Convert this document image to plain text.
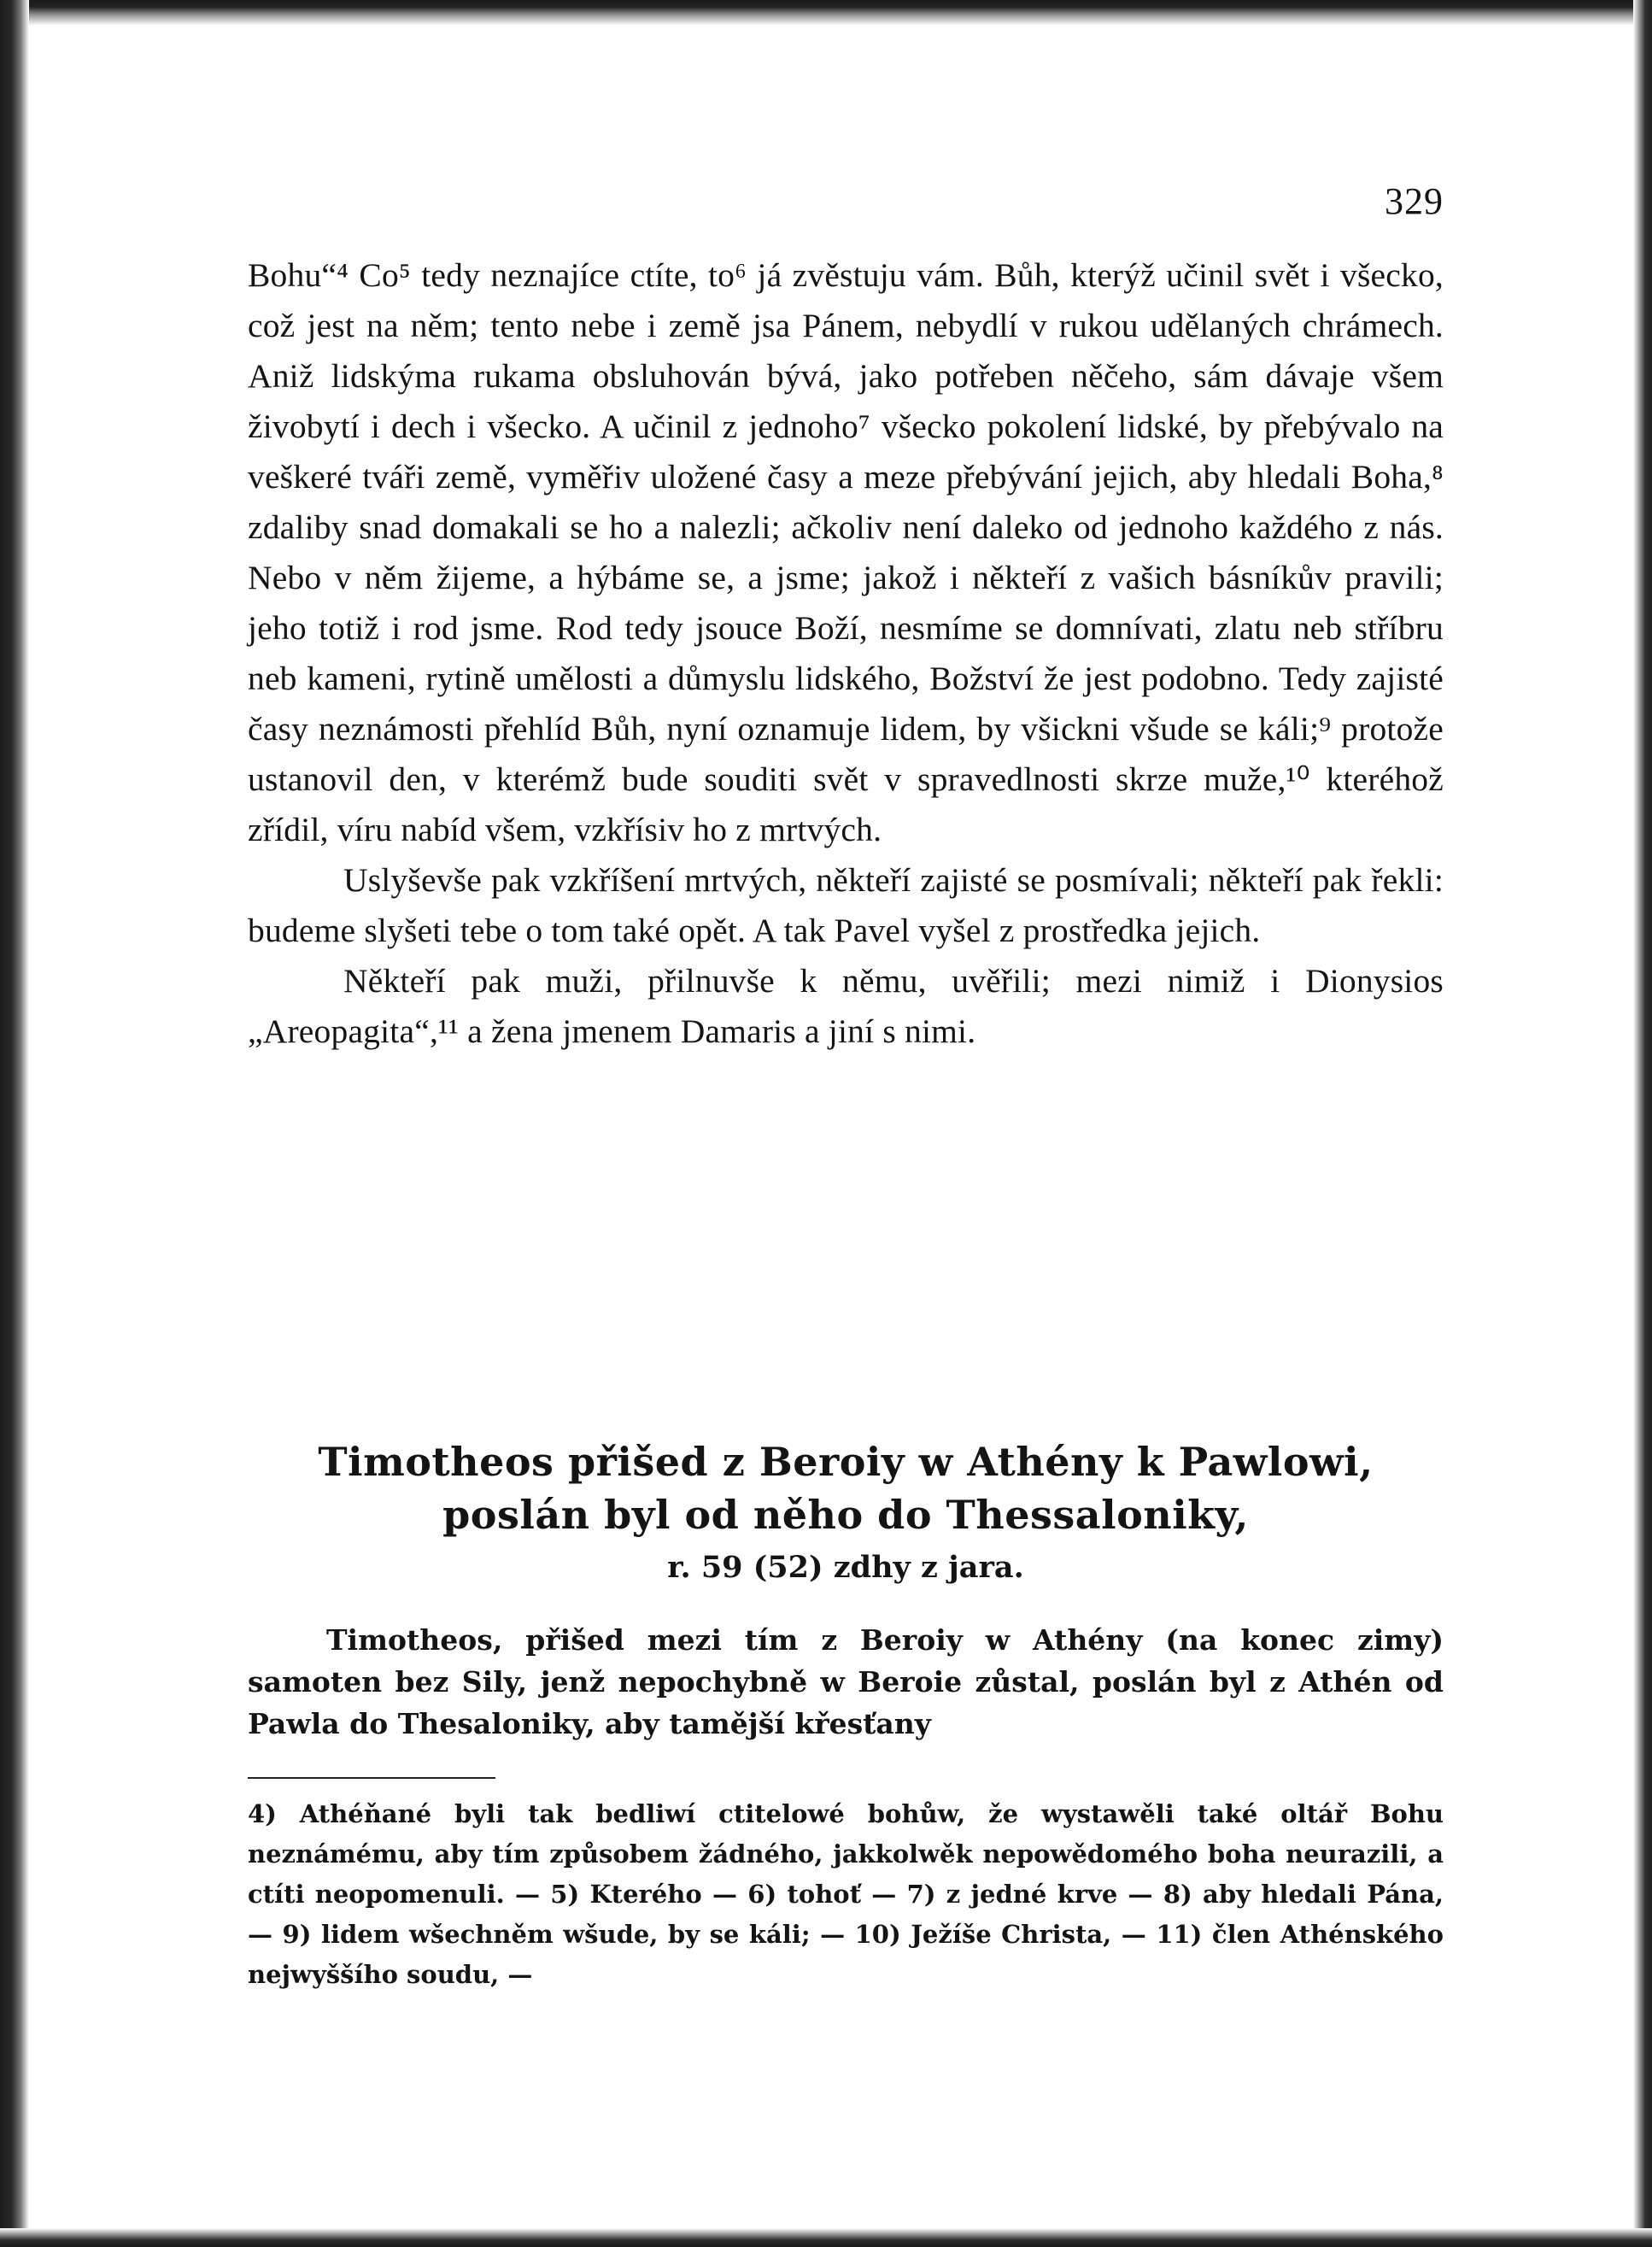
329

Bohu“⁴ Co⁵ tedy neznajíce ctíte, to⁶ já zvěstuju vám. Bůh, kterýž učinil svět i všecko, což jest na něm; tento nebe i země jsa Pánem, nebydlí v rukou udělaných chrámech. Aniž lidskýma rukama obsluhován bývá, jako potřeben něčeho, sám dávaje všem živobytí i dech i všecko. A učinil z jednoho⁷ všecko pokolení lidské, by přebývalo na veškeré tváři země, vyměřiv uložené časy a meze přebývání jejich, aby hledali Boha,⁸ zdaliby snad domakali se ho a nalezli; ačkoliv není daleko od jednoho každého z nás. Nebo v něm žijeme, a hýbáme se, a jsme; jakož i někteří z vašich básníkův pravili; jeho totiž i rod jsme. Rod tedy jsouce Boží, nesmíme se domnívati, zlatu neb stříbru neb kameni, rytině umělosti a důmyslu lidského, Božství že jest podobno. Tedy zajisté časy neznámosti přehlíd Bůh, nyní oznamuje lidem, by všickni všude se káli;⁹ protože ustanovil den, v kterémž bude souditi svět v spravedlnosti skrze muže,¹⁰ kteréhož zřídil, víru nabíd všem, vzkřísiv ho z mrtvých.

Uslyševše pak vzkříšení mrtvých, někteří zajisté se posmívali; někteří pak řekli: budeme slyšeti tebe o tom také opět. A tak Pavel vyšel z prostředka jejich.

Někteří pak muži, přilnuvše k němu, uvěřili; mezi nimiž i Dionysios „Areopagita“,¹¹ a žena jmenem Damaris a jiní s nimi.

Timotheos přišed z Beroiy w Athény k Pawlowi, poslán byl od něho do Thessaloniky,
r. 59 (52) zdhy z jara.

Timotheos, přišed mezi tím z Beroiy w Athény (na konec zimy) samoten bez Sily, jenž nepochybně w Beroie zůstal, poslán byl z Athén od Pawla do Thesaloniky, aby tamější křesťany

4) Athéňané byli tak bedliwí ctitelowé bohůw, že wystawěli také oltář Bohu neznámému, aby tím způsobem žádného, jakkolwěk nepowědomého boha neurazili, a ctíti neopomenuli. — 5) Kterého — 6) tohoť — 7) z jedné krve — 8) aby hledali Pána, — 9) lidem wšechněm wšude, by se káli; — 10) Ježíše Christa, — 11) člen Athénského nejwyššího soudu, —
